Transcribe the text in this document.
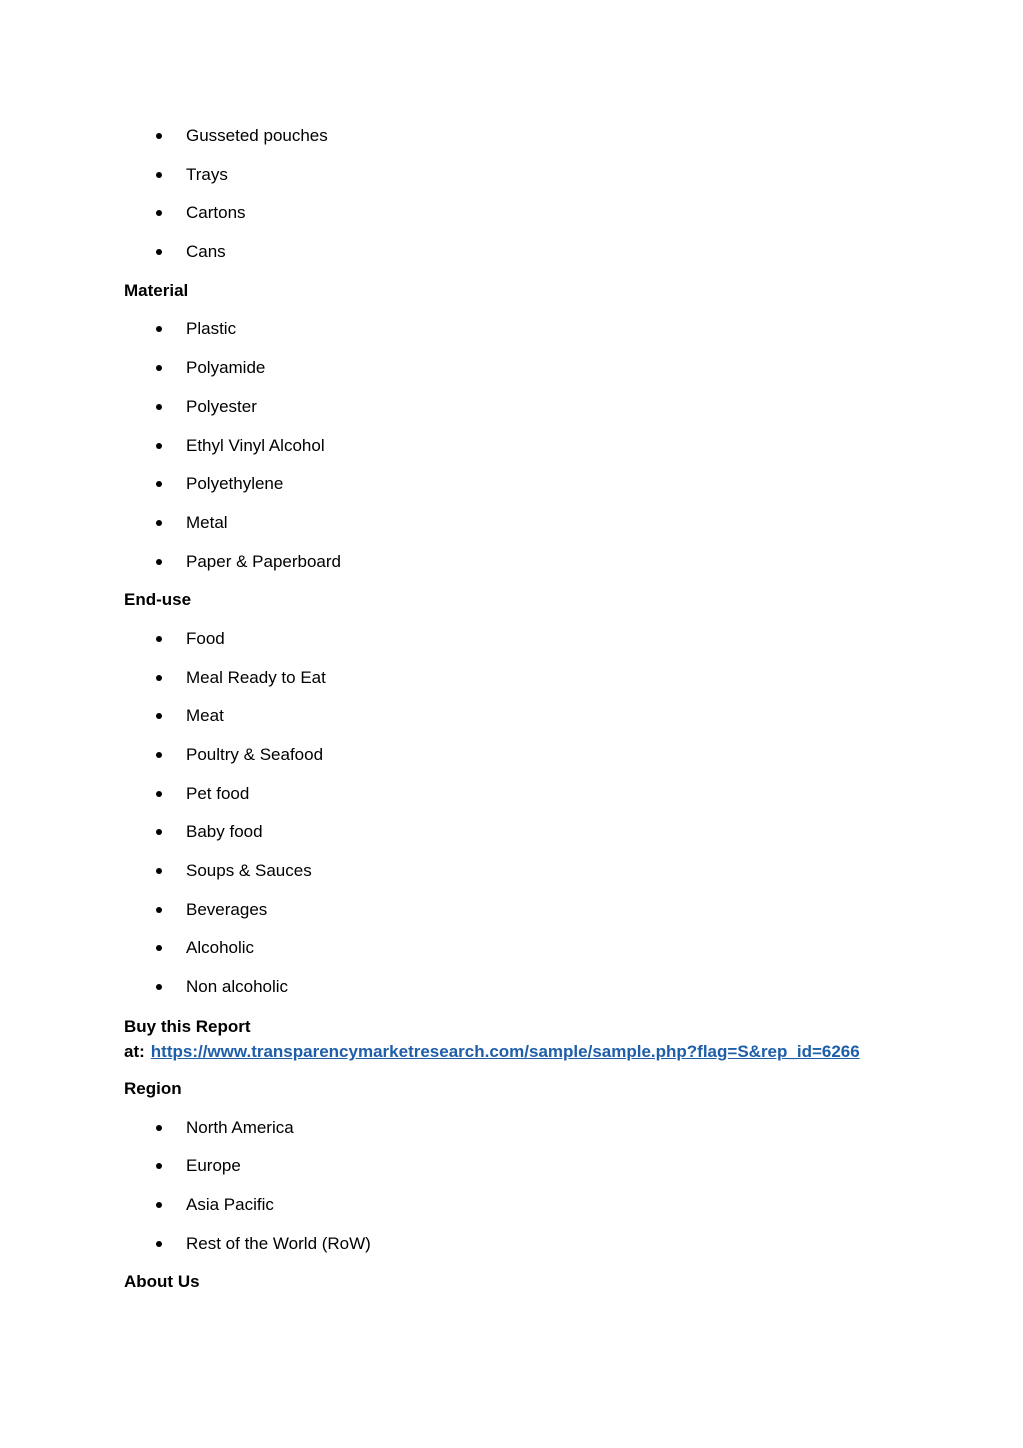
Gusseted pouches
Trays
Cartons
Cans
Material
Plastic
Polyamide
Polyester
Ethyl Vinyl Alcohol
Polyethylene
Metal
Paper & Paperboard
End-use
Food
Meal Ready to Eat
Meat
Poultry & Seafood
Pet food
Baby food
Soups & Sauces
Beverages
Alcoholic
Non alcoholic
Buy this Report
at: https://www.transparencymarketresearch.com/sample/sample.php?flag=S&rep_id=6266
Region
North America
Europe
Asia Pacific
Rest of the World (RoW)
About Us
